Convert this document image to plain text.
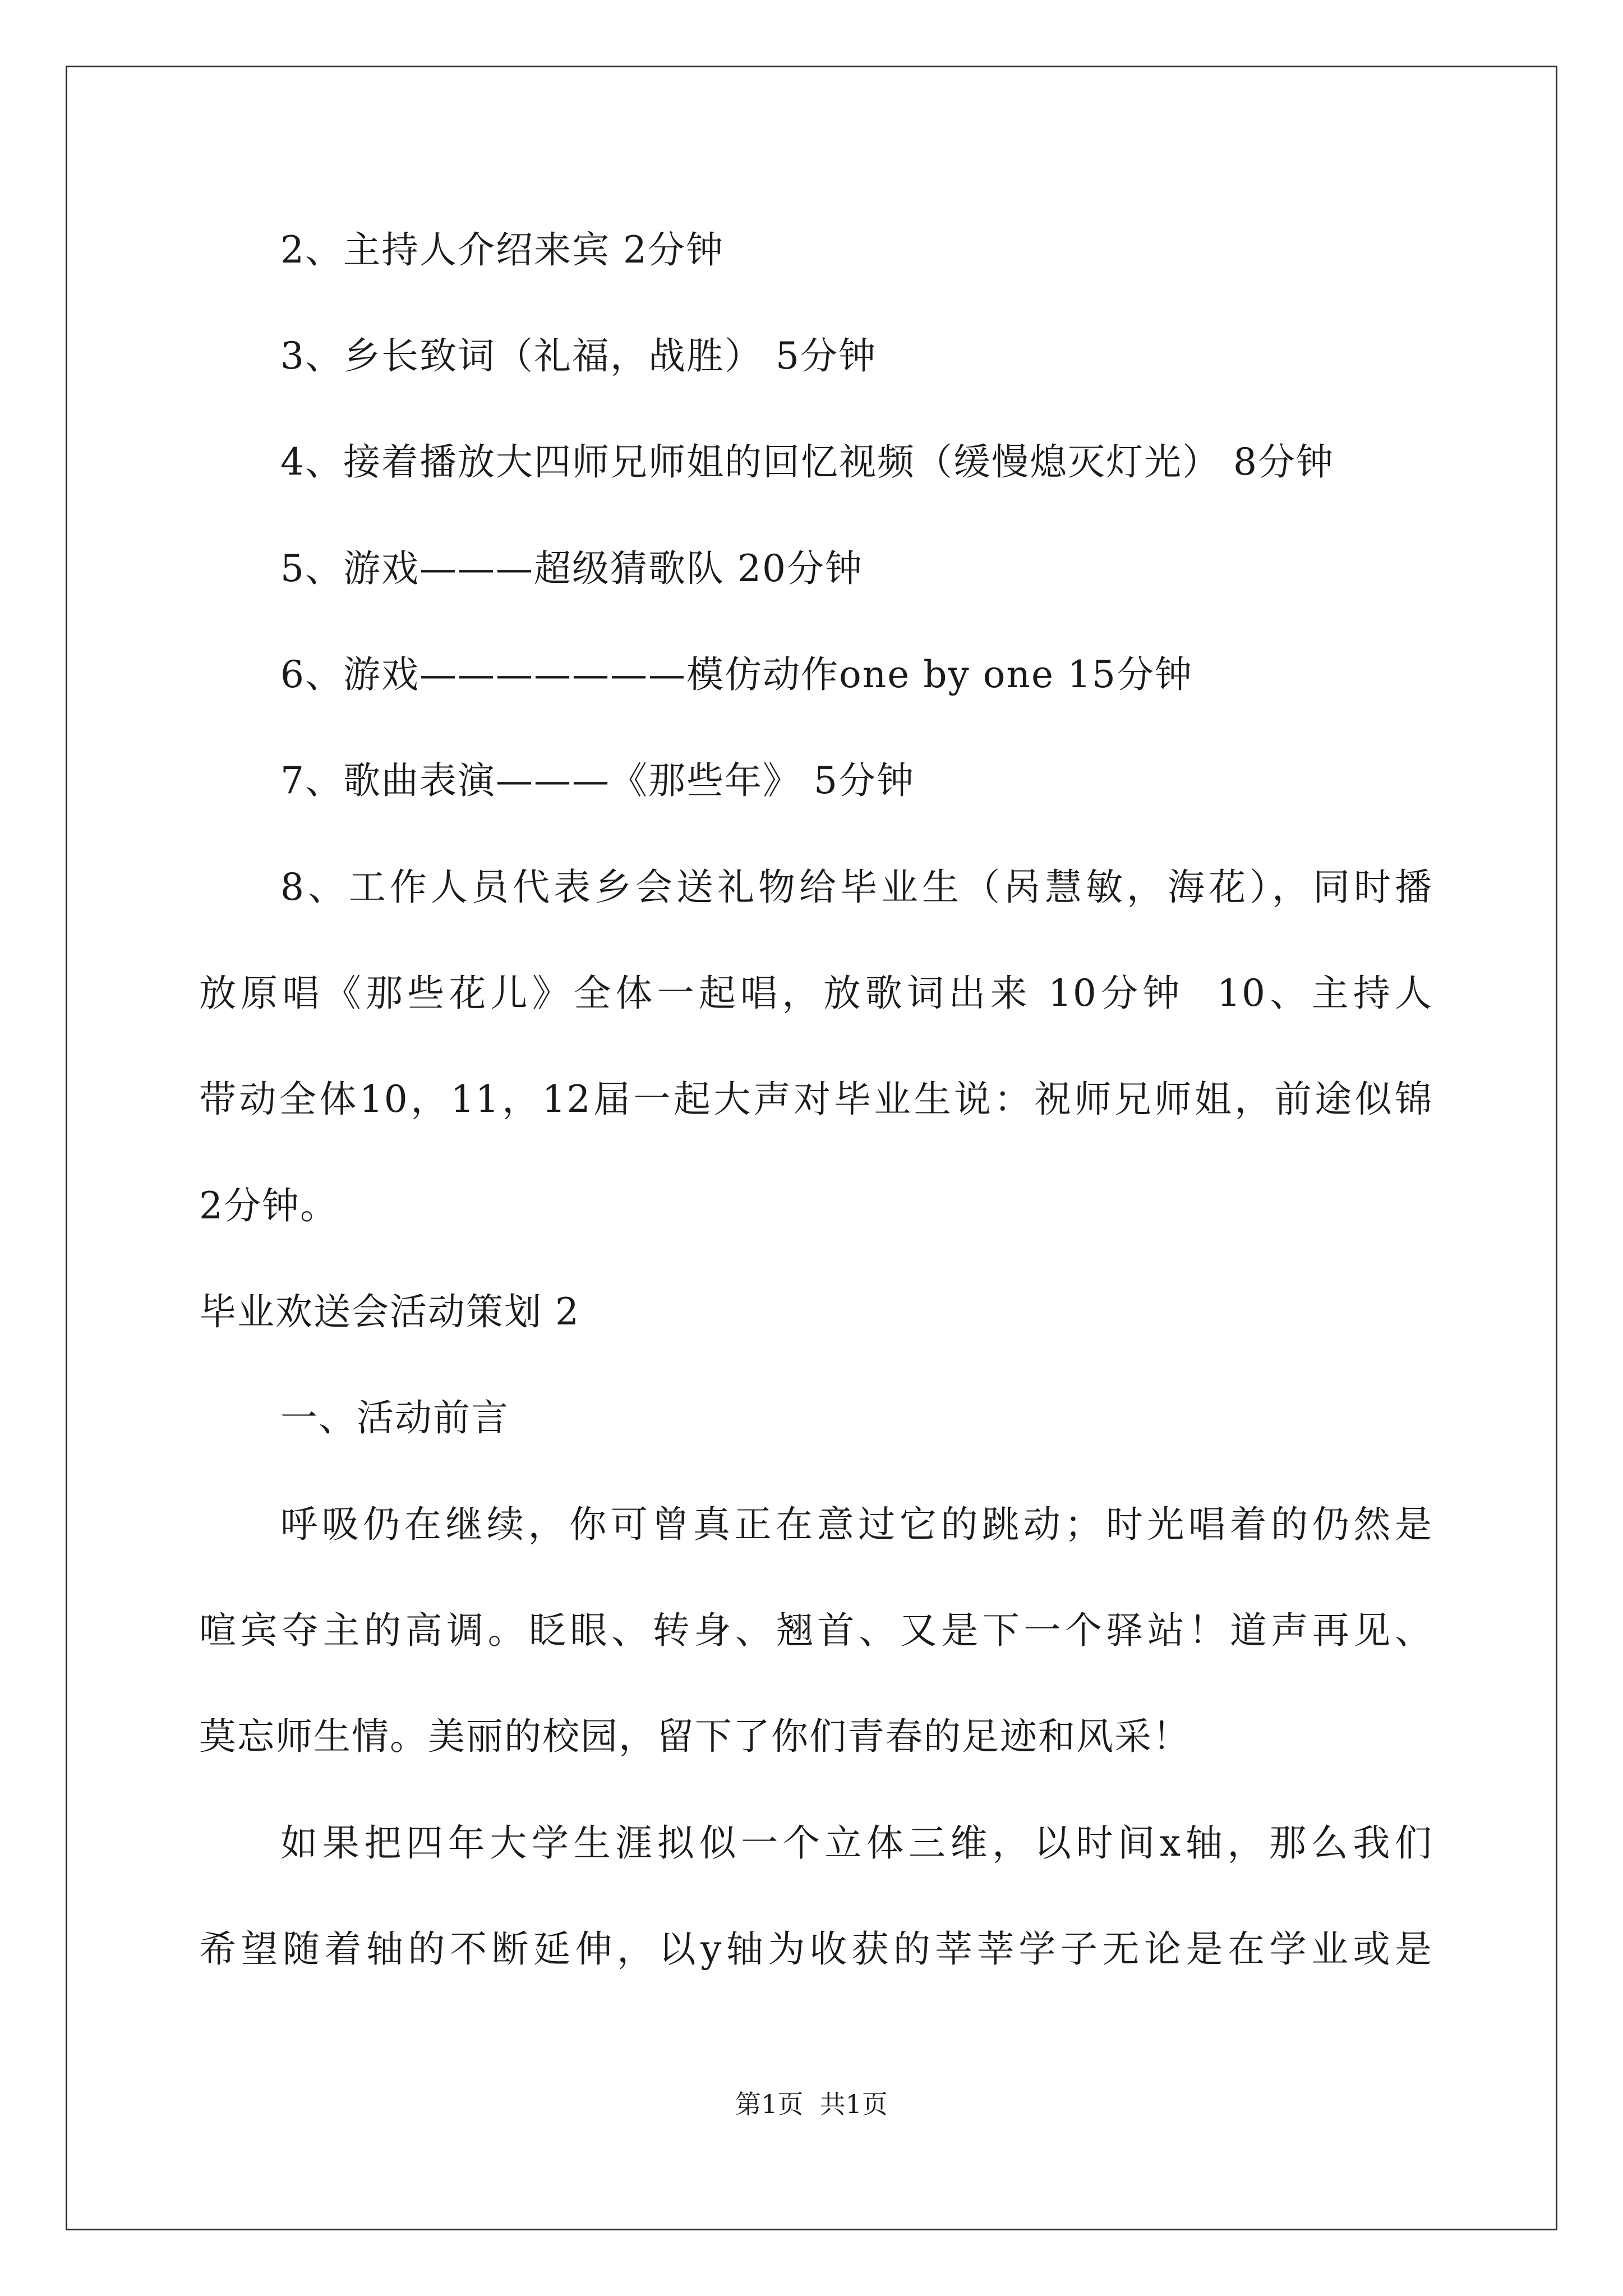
2、主持人介绍来宾 2分钟
3、乡长致词（礼福，战胜） 5分钟
4、接着播放大四师兄师姐的回忆视频（缓慢熄灭灯光） 8分钟
5、游戏———超级猜歌队 20分钟
6、游戏———————模仿动作one by one 15分钟
7、歌曲表演———《那些年》 5分钟
8、工作人员代表乡会送礼物给毕业生（呙慧敏，海花），同时播
放原唱《那些花儿》全体一起唱，放歌词出来 10分钟  10、主持人
带动全体10，11，12届一起大声对毕业生说：祝师兄师姐，前途似锦
2分钟。
毕业欢送会活动策划 2
一、活动前言
呼吸仍在继续，你可曾真正在意过它的跳动；时光唱着的仍然是
喧宾夺主的高调。眨眼、转身、翘首、又是下一个驿站！道声再见、
莫忘师生情。美丽的校园，留下了你们青春的足迹和风采！
如果把四年大学生涯拟似一个立体三维，以时间x轴，那么我们
希望随着轴的不断延伸，以y轴为收获的莘莘学子无论是在学业或是
第1页  共1页
